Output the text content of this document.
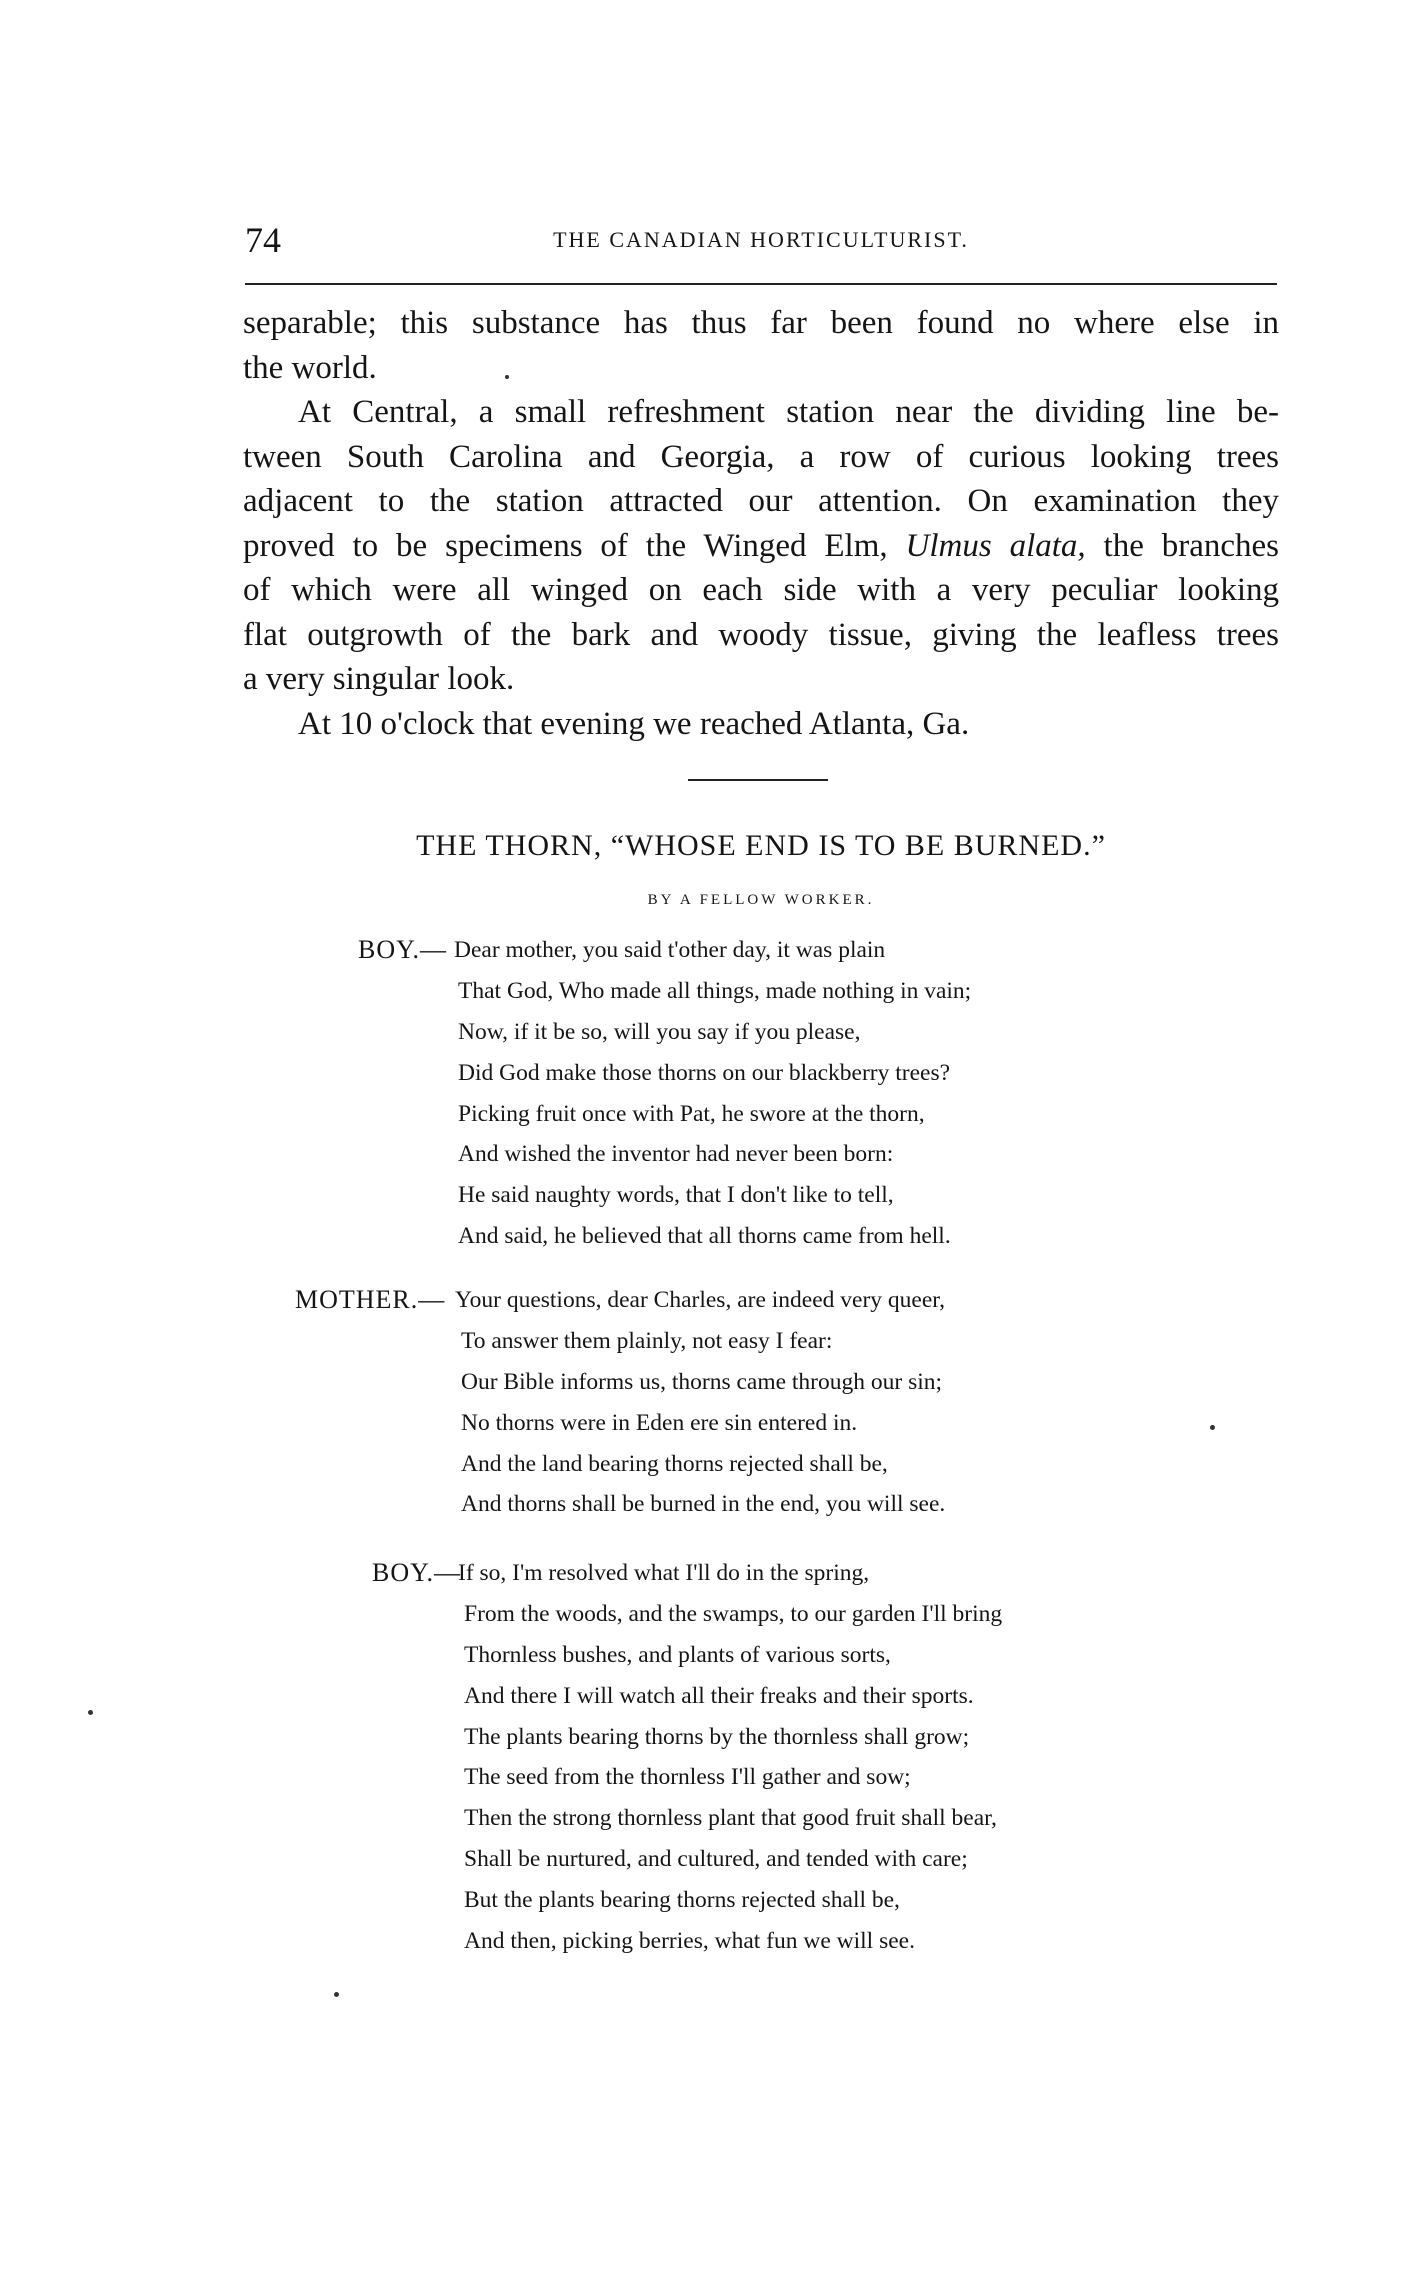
74	THE CANADIAN HORTICULTURIST.
separable; this substance has thus far been found no where else in
the world.
At Central, a small refreshment station near the dividing line be-
tween South Carolina and Georgia, a row of curious looking trees
adjacent to the station attracted our attention. On examination they
proved to be specimens of the Winged Elm, Ulmus alata, the branches
of which were all winged on each side with a very peculiar looking
flat outgrowth of the bark and woody tissue, giving the leafless trees
a very singular look.
At 10 o'clock that evening we reached Atlanta, Ga.
THE THORN, “WHOSE END IS TO BE BURNED.”
BY A FELLOW WORKER.
BOY.— Dear mother, you said t'other day, it was plain
That God, Who made all things, made nothing in vain;
Now, if it be so, will you say if you please,
Did God make those thorns on our blackberry trees?
Picking fruit once with Pat, he swore at the thorn,
And wished the inventor had never been born:
He said naughty words, that I don't like to tell,
And said, he believed that all thorns came from hell.
MOTHER.— Your questions, dear Charles, are indeed very queer,
To answer them plainly, not easy I fear:
Our Bible informs us, thorns came through our sin;
No thorns were in Eden ere sin entered in.
And the land bearing thorns rejected shall be,
And thorns shall be burned in the end, you will see.
BOY.—
If so, I'm resolved what I'll do in the spring,
From the woods, and the swamps, to our garden I'll bring
Thornless bushes, and plants of various sorts,
And there I will watch all their freaks and their sports.
The plants bearing thorns by the thornless shall grow;
The seed from the thornless I'll gather and sow;
Then the strong thornless plant that good fruit shall bear,
Shall be nurtured, and cultured, and tended with care;
But the plants bearing thorns rejected shall be,
And then, picking berries, what fun we will see.
